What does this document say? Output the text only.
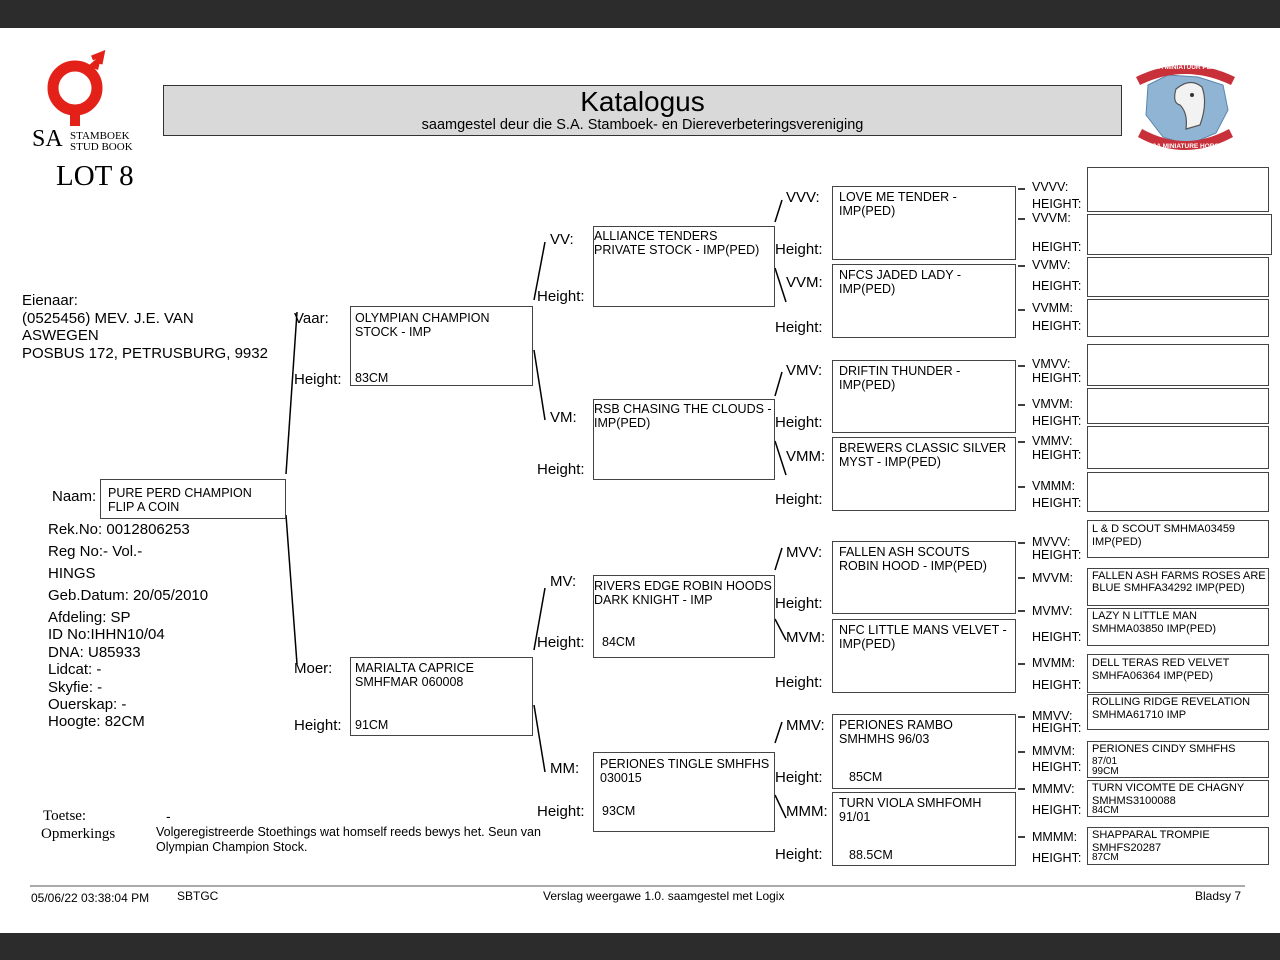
SA STAMBOEK
STUD BOOK
Katalogus
saamgestel deur die S.A. Stamboek- en Diereverbeteringsvereniging
SA MINIATUUR PERD
SA MINIATURE HORSE
LOT 8
Eienaar:
(0525456) MEV. J.E. VAN
ASWEGEN
POSBUS 172, PETRUSBURG, 9932
Naam: PURE PERD CHAMPION FLIP A COIN
Rek.No: 0012806253
Reg No:- Vol.-
HINGS
Geb.Datum: 20/05/2010
Afdeling: SP
ID No:IHHN10/04
DNA: U85933
Lidcat: -
Skyfie: -
Ouerskap: -
Hoogte: 82CM
Vaar:
Height:
OLYMPIAN CHAMPION STOCK - IMP
83CM
Moer:
Height:
MARIALTA CAPRICE SMHFMAR 060008
91CM
VV:
Height:
ALLIANCE TENDERS PRIVATE STOCK - IMP(PED)
VM:
Height:
RSB CHASING THE CLOUDS - IMP(PED)
MV:
Height:
RIVERS EDGE ROBIN HOODS DARK KNIGHT - IMP
84CM
MM:
Height:
PERIONES TINGLE SMHFHS 030015
93CM
VVV:
Height:
LOVE ME TENDER - IMP(PED)
VVM:
Height:
NFCS JADED LADY - IMP(PED)
VMV:
Height:
DRIFTIN THUNDER - IMP(PED)
VMM:
Height:
BREWERS CLASSIC SILVER MYST - IMP(PED)
MVV:
Height:
FALLEN ASH SCOUTS ROBIN HOOD - IMP(PED)
MVM:
Height:
NFC LITTLE MANS VELVET - IMP(PED)
MMV:
Height:
PERIONES RAMBO SMHMHS 96/03
85CM
MMM:
Height:
TURN VIOLA SMHFOMH 91/01
88.5CM
VVVV:
HEIGHT:
VVVM:
HEIGHT:
VVMV:
HEIGHT:
VVMM:
HEIGHT:
VMVV:
HEIGHT:
VMVM:
HEIGHT:
VMMV:
HEIGHT:
VMMM:
HEIGHT:
MVVV:
HEIGHT:
MVVM:
MVMV:
HEIGHT:
MVMM:
HEIGHT:
MMVV:
HEIGHT:
MMVM:
HEIGHT:
MMMV:
HEIGHT:
MMMM:
HEIGHT:
L & D SCOUT SMHMA03459 IMP(PED)
FALLEN ASH FARMS ROSES ARE BLUE SMHFA34292 IMP(PED)
LAZY N LITTLE MAN SMHMA03850 IMP(PED)
DELL TERAS RED VELVET SMHFA06364 IMP(PED)
ROLLING RIDGE REVELATION SMHMA61710 IMP
PERIONES CINDY SMHFHS
87/01
99CM
TURN VICOMTE DE CHAGNY SMHMS3100088
84CM
SHAPPARAL TROMPIE SMHFS20287
87CM
Toetse:	-
Opmerkings	Volgeregistreerde Stoethings wat homself reeds bewys het. Seun van Olympian Champion Stock.
05/06/22 03:38:04 PM SBTGC	Verslag weergawe 1.0. saamgestel met Logix	Bladsy 7
